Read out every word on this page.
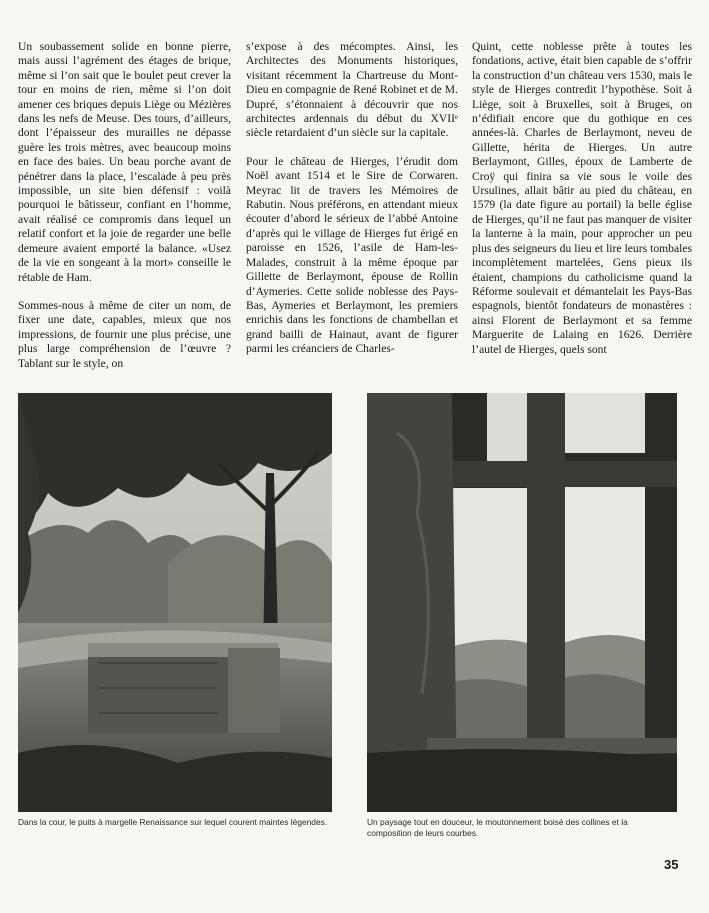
Un soubassement solide en bonne pierre, mais aussi l’agrément des étages de brique, même si l’on sait que le boulet peut crever la tour en moins de rien, même si l’on doit amener ces briques depuis Liège ou Mézières dans les nefs de Meuse. Des tours, d’ailleurs, dont l’épaisseur des murailles ne dépasse guère les trois mètres, avec beaucoup moins en face des baies. Un beau porche avant de pénétrer dans la place, l’escalade à peu près impossible, un site bien défensif : voilà pourquoi le bâtisseur, confiant en l’homme, avait réalisé ce compromis dans lequel un relatif confort et la joie de regarder une belle demeure avaient emporté la balance. «Usez de la vie en songeant à la mort» conseille le rétable de Ham.

Sommes-nous à même de citer un nom, de fixer une date, capables, mieux que nos impressions, de fournir une plus précise, une plus large compréhension de l’œuvre ? Tablant sur le style, on

s’expose à des mécomptes. Ainsi, les Architectes des Monuments historiques, visitant récemment la Chartreuse du Mont-Dieu en compagnie de René Robinet et de M. Dupré, s’étonnaient à découvrir que nos architectes ardennais du début du XVIIᵉ siècle retardaient d’un siècle sur la capitale.

Pour le château de Hierges, l’érudit dom Noël avant 1514 et le Sire de Corwaren. Meyrac lit de travers les Mémoires de Rabutin. Nous préférons, en attendant mieux écouter d’abord le sérieux de l’abbé Antoine d’après qui le village de Hierges fut érigé en paroisse en 1526, l’asile de Ham-les-Malades, construit à la même époque par Gillette de Berlaymont, épouse de Rollin d’Aymeries. Cette solide noblesse des Pays-Bas, Aymeries et Berlaymont, les premiers enrichis dans les fonctions de chambellan et grand bailli de Hainaut, avant de figurer parmi les créanciers de Charles-

Quint, cette noblesse prête à toutes les fondations, active, était bien capable de s’offrir la construction d’un château vers 1530, mais le style de Hierges contredit l’hypothèse. Soit à Liège, soit à Bruxelles, soit à Bruges, on n’édifiait encore que du gothique en ces années-là. Charles de Berlaymont, neveu de Gillette, hérita de Hierges. Un autre Berlaymont, Gilles, époux de Lamberte de Croÿ qui finira sa vie sous le voile des Ursulines, allait bâtir au pied du château, en 1579 (la date figure au portail) la belle église de Hierges, qu’il ne faut pas manquer de visiter la lanterne à la main, pour approcher un peu plus des seigneurs du lieu et lire leurs tombales incomplètement martelées, Gens pieux ils étaient, champions du catholicisme quand la Réforme soulevait et démantelait les Pays-Bas espagnols, bientôt fondateurs de monastères : ainsi Florent de Berlaymont et sa femme Marguerite de Lalaing en 1626. Derrière l’autel de Hierges, quels sont

Dans la cour, le puits à margelle Renaissance sur lequel courent maintes légendes.	Un paysage tout en douceur, le moutonnement boisé des collines et la composition de leurs courbes.
35
